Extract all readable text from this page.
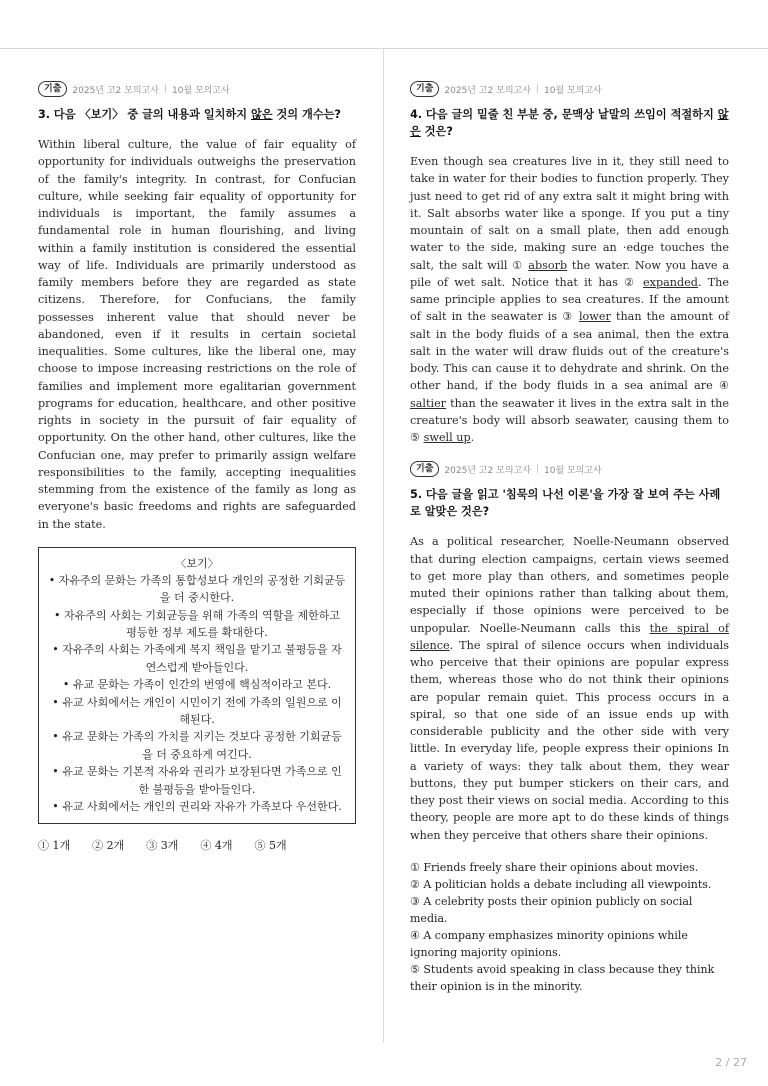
기출	2025년 고2 모의고사 | 10월 모의고사
3. 다음 〈보기〉 중 글의 내용과 일치하지 않은 것의 개수는?
Within liberal culture, the value of fair equality of opportunity for individuals outweighs the preservation of the family's integrity. In contrast, for Confucian culture, while seeking fair equality of opportunity for individuals is important, the family assumes a fundamental role in human flourishing, and living within a family institution is considered the essential way of life. Individuals are primarily understood as family members before they are regarded as state citizens. Therefore, for Confucians, the family possesses inherent value that should never be abandoned, even if it results in certain societal inequalities. Some cultures, like the liberal one, may choose to impose increasing restrictions on the role of families and implement more egalitarian government programs for education, healthcare, and other positive rights in society in the pursuit of fair equality of opportunity. On the other hand, other cultures, like the Confucian one, may prefer to primarily assign welfare responsibilities to the family, accepting inequalities stemming from the existence of the family as long as everyone's basic freedoms and rights are safeguarded in the state.
〈보기〉
• 자유주의 문화는 가족의 통합성보다 개인의 공정한 기회균등을 더 중시한다.
• 자유주의 사회는 기회균등을 위해 가족의 역할을 제한하고 평등한 정부 제도를 확대한다.
• 자유주의 사회는 가족에게 복지 책임을 맡기고 불평등을 자연스럽게 받아들인다.
• 유교 문화는 가족이 인간의 번영에 핵심적이라고 본다.
• 유교 사회에서는 개인이 시민이기 전에 가족의 일원으로 이해된다.
• 유교 문화는 가족의 가치를 지키는 것보다 공정한 기회균등을 더 중요하게 여긴다.
• 유교 문화는 기본적 자유와 권리가 보장된다면 가족으로 인한 불평등을 받아들인다.
• 유교 사회에서는 개인의 권리와 자유가 가족보다 우선한다.
① 1개 ② 2개 ③ 3개 ④ 4개 ⑤ 5개
기출	2025년 고2 모의고사 | 10월 모의고사
4. 다음 글의 밑줄 친 부분 중, 문맥상 낱말의 쓰임이 적절하지 않은 것은?
Even though sea creatures live in it, they still need to take in water for their bodies to function properly. They just need to get rid of any extra salt it might bring with it. Salt absorbs water like a sponge. If you put a tiny mountain of salt on a small plate, then add enough water to the side, making sure an ·edge touches the salt, the salt will ① absorb the water. Now you have a pile of wet salt. Notice that it has ② expanded. The same principle applies to sea creatures. If the amount of salt in the seawater is ③ lower than the amount of salt in the body fluids of a sea animal, then the extra salt in the water will draw fluids out of the creature's body. This can cause it to dehydrate and shrink. On the other hand, if the body fluids in a sea animal are ④ saltier than the seawater it lives in the extra salt in the creature's body will absorb seawater, causing them to ⑤ swell up.
기출	2025년 고2 모의고사 | 10월 모의고사
5. 다음 글을 읽고 '침묵의 나선 이론'을 가장 잘 보여 주는 사례로 알맞은 것은?
As a political researcher, Noelle-Neumann observed that during election campaigns, certain views seemed to get more play than others, and sometimes people muted their opinions rather than talking about them, especially if those opinions were perceived to be unpopular. Noelle-Neumann calls this the spiral of silence. The spiral of silence occurs when individuals who perceive that their opinions are popular express them, whereas those who do not think their opinions are popular remain quiet. This process occurs in a spiral, so that one side of an issue ends up with considerable publicity and the other side with very little. In everyday life, people express their opinions In a variety of ways: they talk about them, they wear buttons, they put bumper stickers on their cars, and they post their views on social media. According to this theory, people are more apt to do these kinds of things when they perceive that others share their opinions.
① Friends freely share their opinions about movies.
② A politician holds a debate including all viewpoints.
③ A celebrity posts their opinion publicly on social media.
④ A company emphasizes minority opinions while ignoring majority opinions.
⑤ Students avoid speaking in class because they think their opinion is in the minority.
2 / 27
